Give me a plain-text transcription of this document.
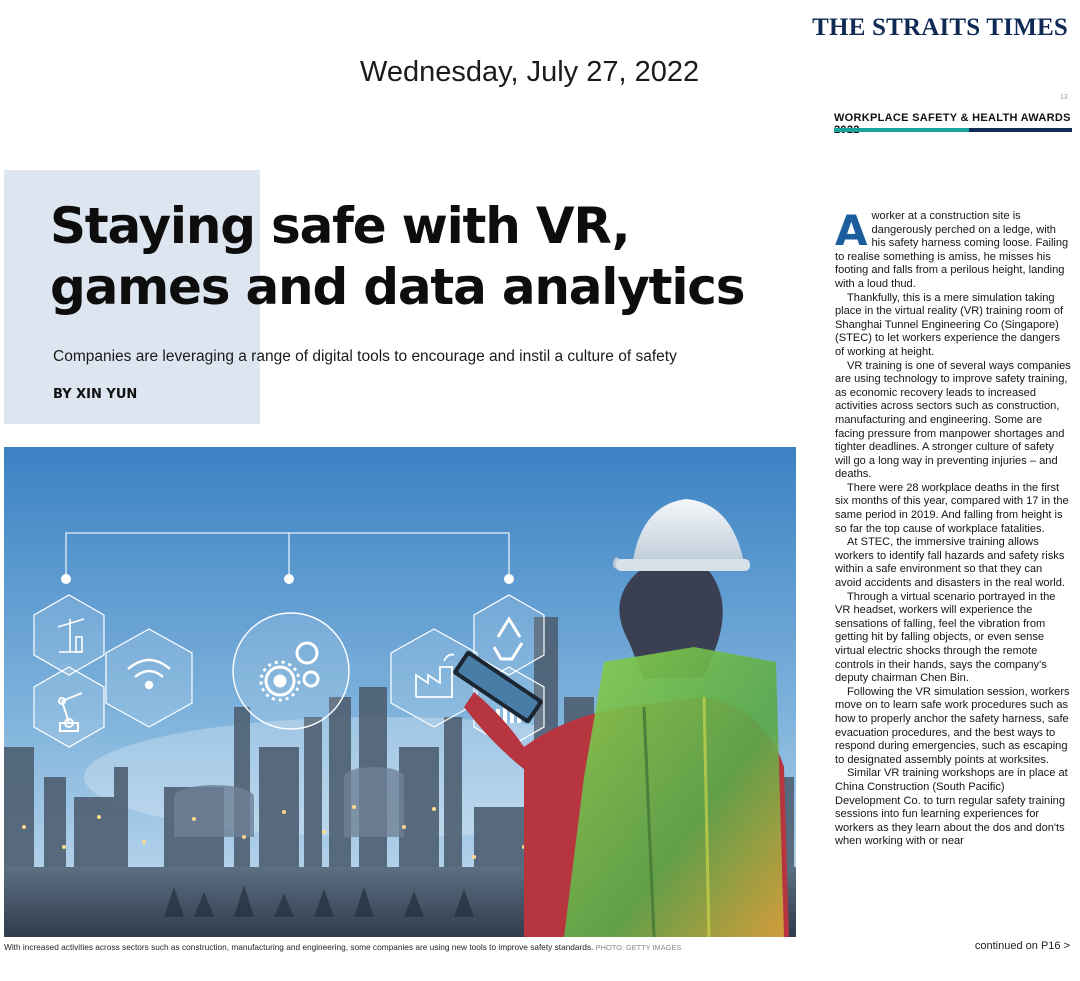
THE STRAITS TIMES
Wednesday, July 27, 2022
13
WORKPLACE SAFETY & HEALTH AWARDS
Staying safe with VR, games and data analytics
Companies are leveraging a range of digital tools to encourage and instil a culture of safety
BY XIN YUN
With increased activities across sectors such as construction, manufacturing and engineering, some companies are using new tools to improve safety standards. PHOTO: GETTY IMAGES

Aworker at a construction site is dangerously perched on a ledge, with his safety harness coming loose. Failing to realise something is amiss, he misses his footing and falls from a perilous height, landing with a loud thud.

Thankfully, this is a mere simulation taking place in the virtual reality (VR) training room of Shanghai Tunnel Engineering Co (Singapore) (STEC) to let workers experience the dangers of working at height.

VR training is one of several ways companies are using technology to improve safety training, as economic recovery leads to increased activities across sectors such as construction, manufacturing and engineering. Some are facing pressure from manpower shortages and tighter deadlines. A stronger culture of safety will go a long way in preventing injuries – and deaths.

There were 28 workplace deaths in the first six months of this year, compared with 17 in the same period in 2019. And falling from height is so far the top cause of workplace fatalities.

At STEC, the immersive training allows workers to identify fall hazards and safety risks within a safe environment so that they can avoid accidents and disasters in the real world.

Through a virtual scenario portrayed in the VR headset, workers will experience the sensations of falling, feel the vibration from getting hit by falling objects, or even sense virtual electric shocks through the remote controls in their hands, says the company's deputy chairman Chen Bin.

Following the VR simulation session, workers move on to learn safe work procedures such as how to properly anchor the safety harness, safe evacuation procedures, and the best ways to respond during emergencies, such as escaping to designated assembly points at worksites.

Similar VR training workshops are in place at China Construction (South Pacific) Development Co. to turn regular safety training sessions into fun learning experiences for workers as they learn about the dos and don'ts when working with or near

continued on P16 >
